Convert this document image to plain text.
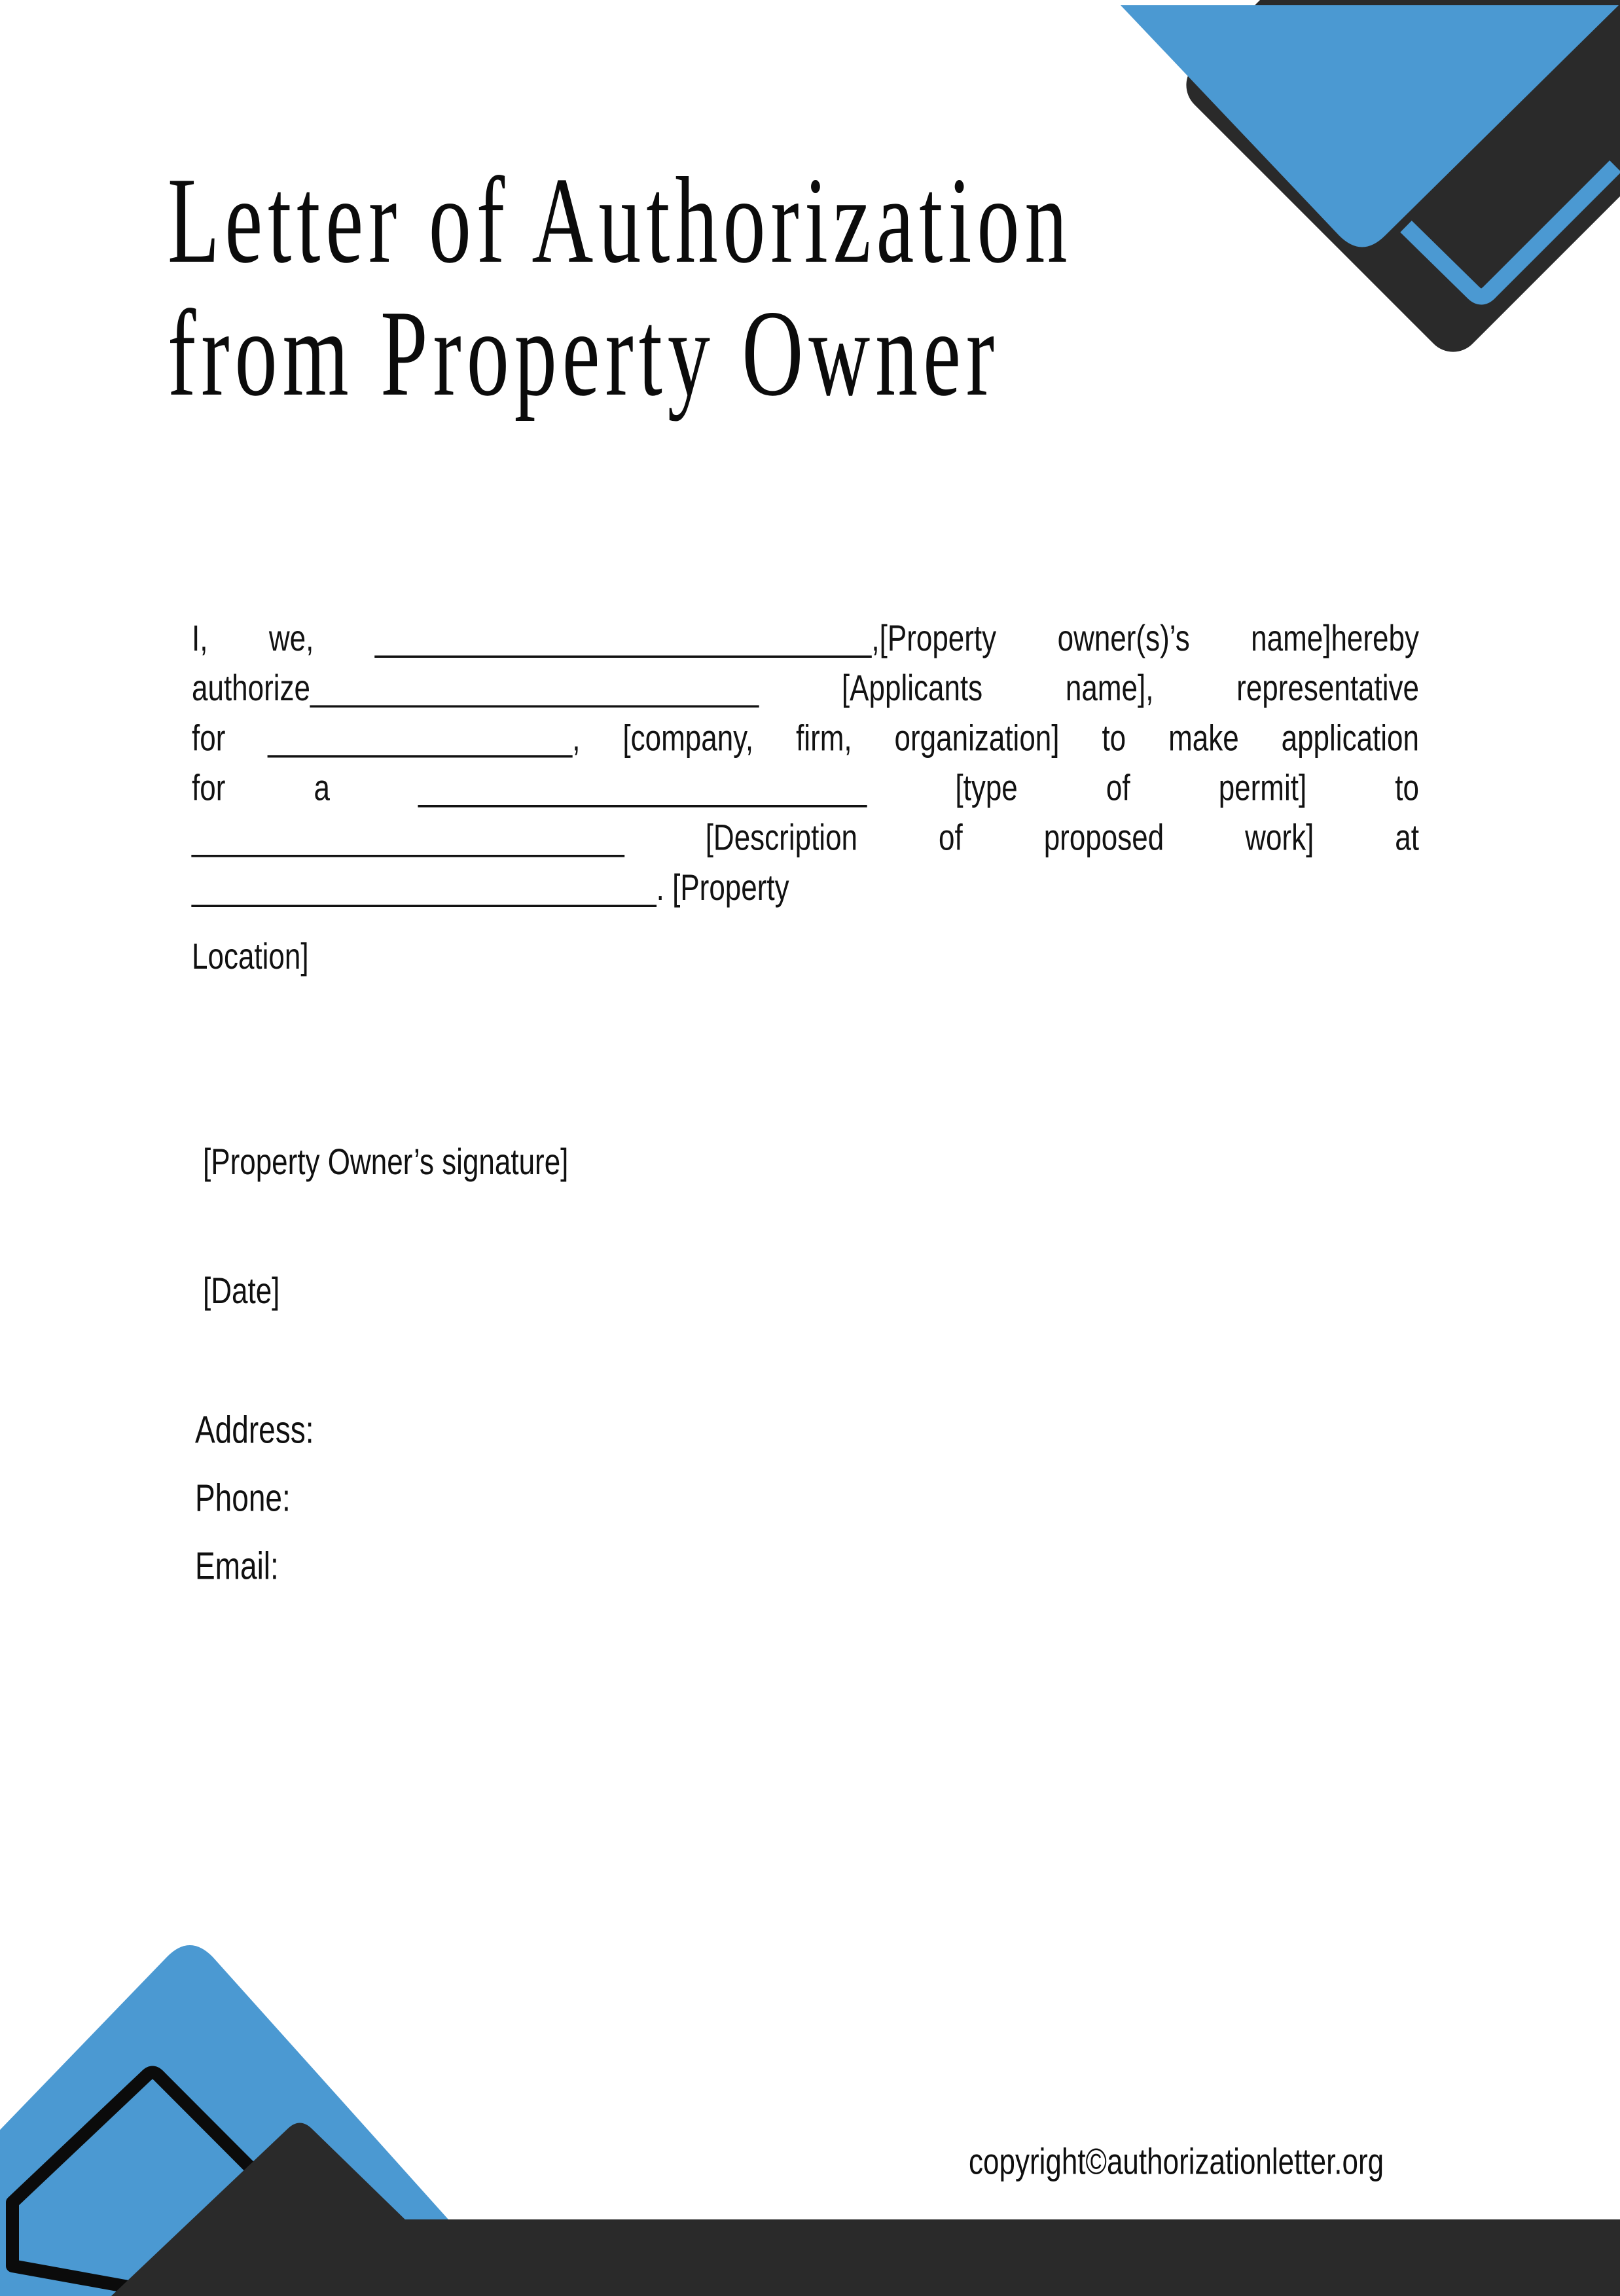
Letter of Authorization
from Property Owner
I, we, _______________________________,[Property owner(s)’s name]hereby
authorize____________________________ [Applicants name], representative
for ___________________, [company, firm, organization] to make application
for a ____________________________ [type of permit] to
___________________________ [Description of proposed work] at
_____________________________. [Property
Location]
[Property Owner’s signature]
[Date]
Address:
Phone:
Email:
copyright©authorizationletter.org
